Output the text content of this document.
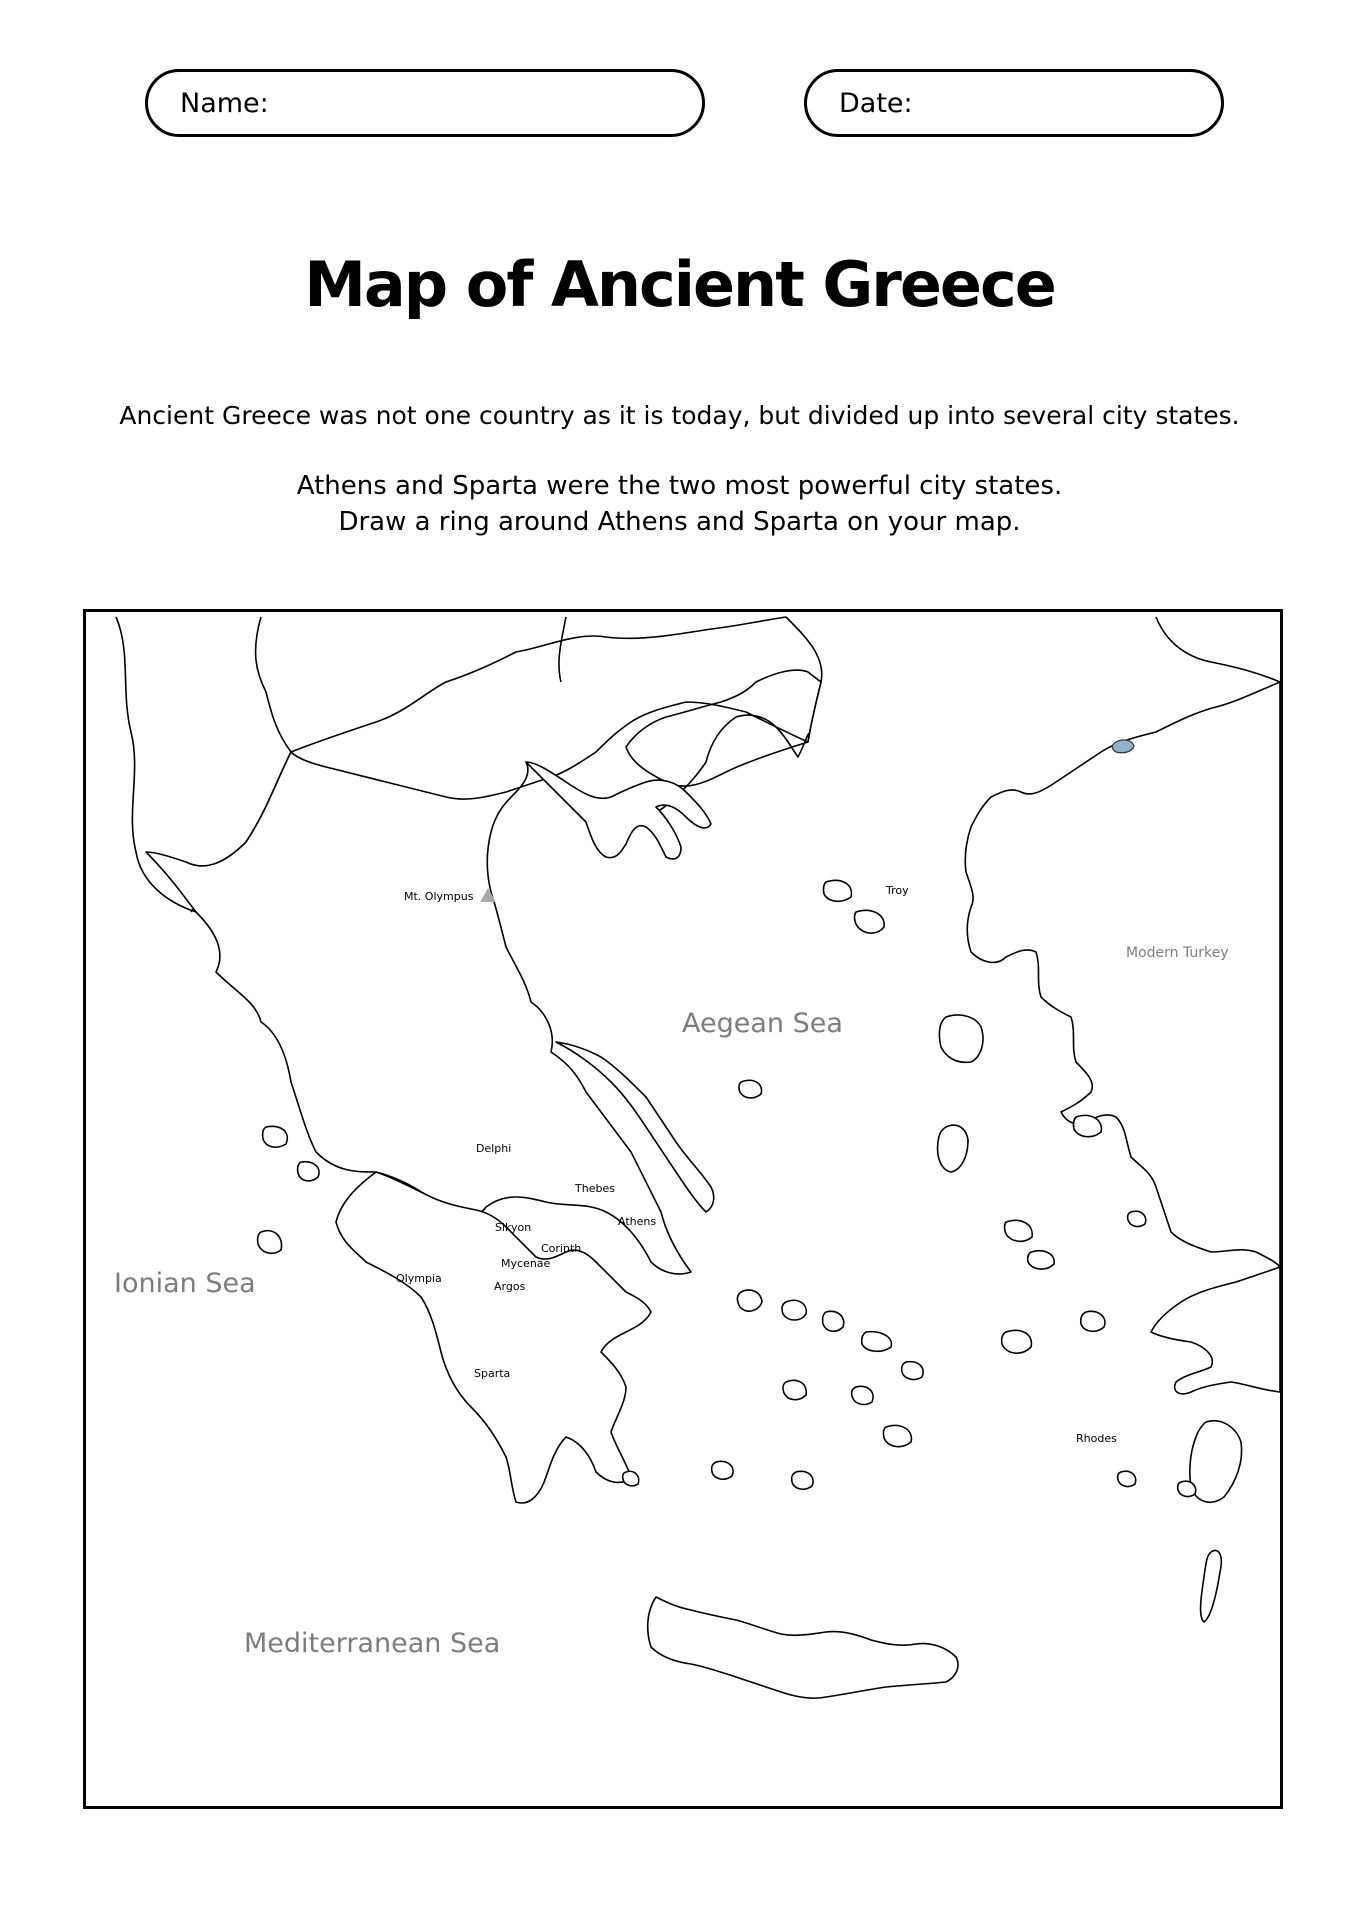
Name:	Date:
Map of Ancient Greece
Ancient Greece was not one country as it is today, but divided up into several city states.
Athens and Sparta were the two most powerful city states.
Draw a ring around Athens and Sparta on your map.
Mt. Olympus
Delphi
Thebes
Athens
Sikyon
Corinth
Mycenae
Argos
Olympia
Sparta
Troy
Rhodes
Aegean Sea
Ionian Sea
Mediterranean Sea
Modern Turkey
